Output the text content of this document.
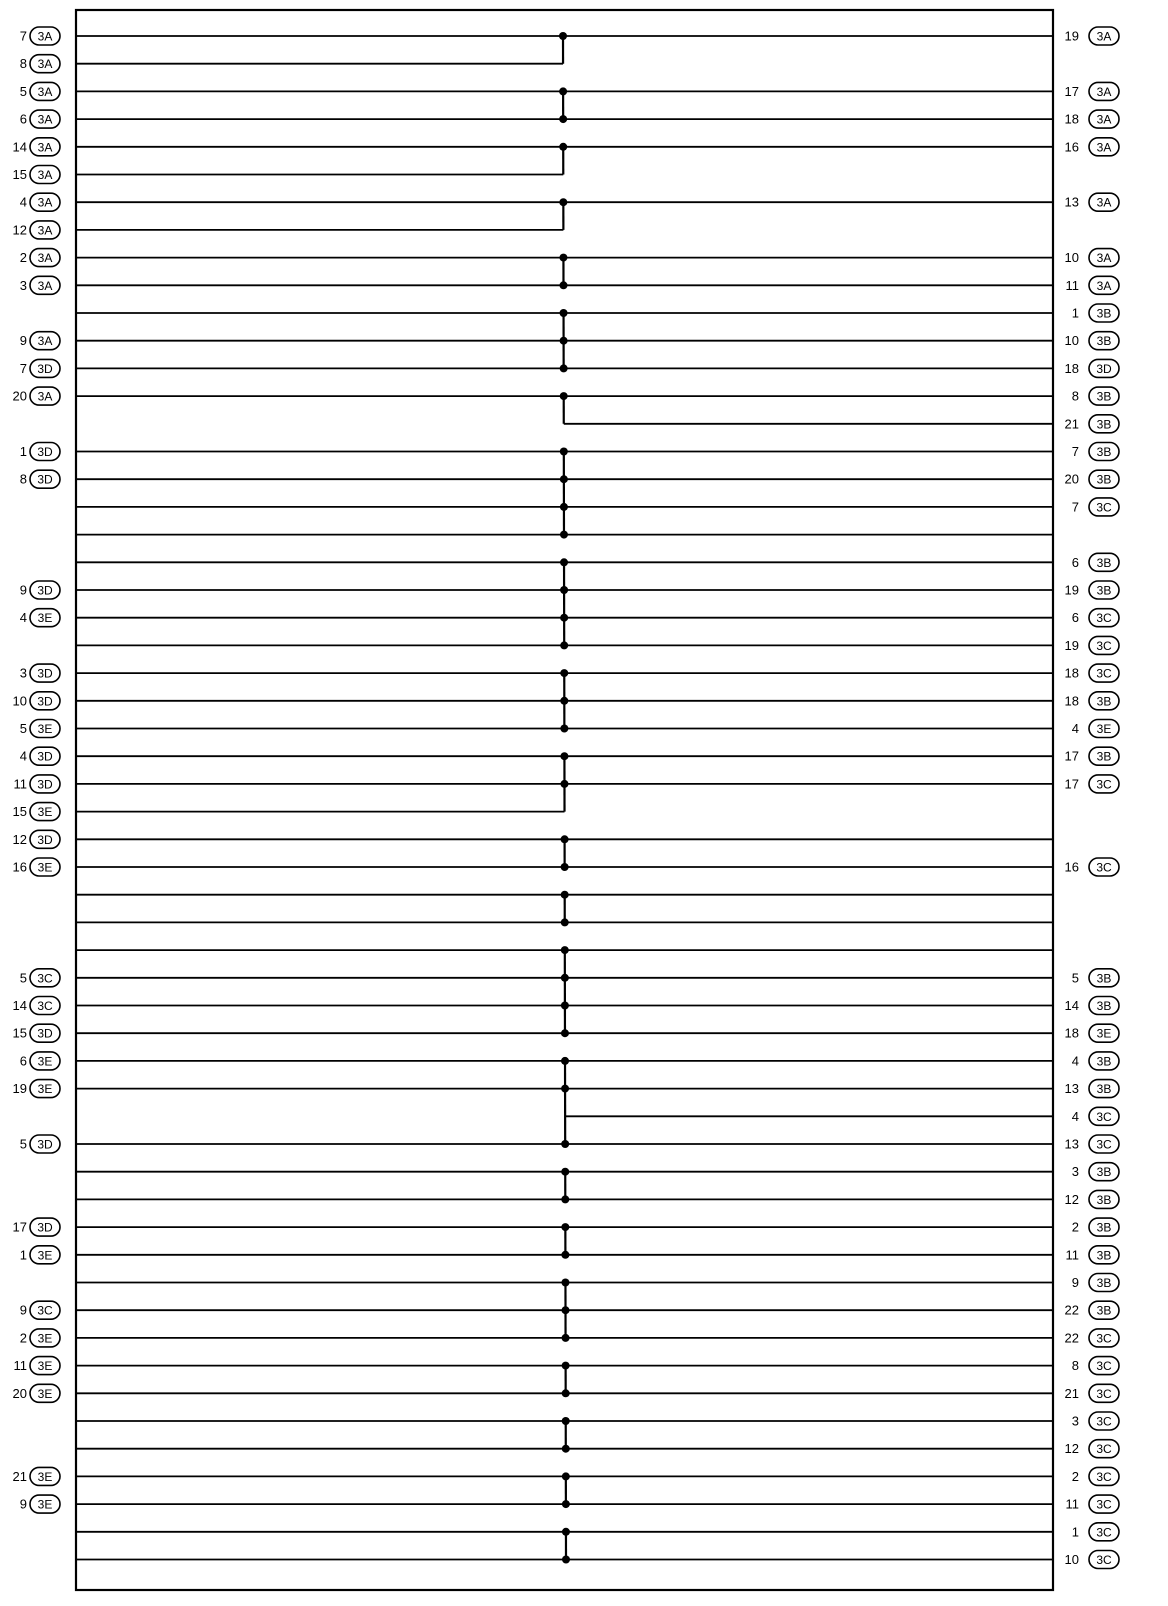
7 3A
8 3A
5 3A
6 3A
14 3A
15 3A
4 3A
12 3A
2 3A
3 3A
9 3A
7 3D
20 3A
1 3D
8 3D
9 3D
4 3E
3 3D
10 3D
5 3E
4 3D
11 3D
15 3E
12 3D
16 3E
5 3C
14 3C
15 3D
6 3E
19 3E
5 3D
17 3D
1 3E
9 3C
2 3E
11 3E
20 3E
21 3E
9 3E
19 3A
17 3A
18 3A
16 3A
13 3A
10 3A
11 3A
1 3B
10 3B
18 3D
8 3B
21 3B
7 3B
20 3B
7 3C
6 3B
19 3B
6 3C
19 3C
18 3C
18 3B
4 3E
17 3B
17 3C
16 3C
5 3B
14 3B
18 3E
4 3B
13 3B
4 3C
13 3C
3 3B
12 3B
2 3B
11 3B
9 3B
22 3B
22 3C
8 3C
21 3C
3 3C
12 3C
2 3C
11 3C
1 3C
10 3C
